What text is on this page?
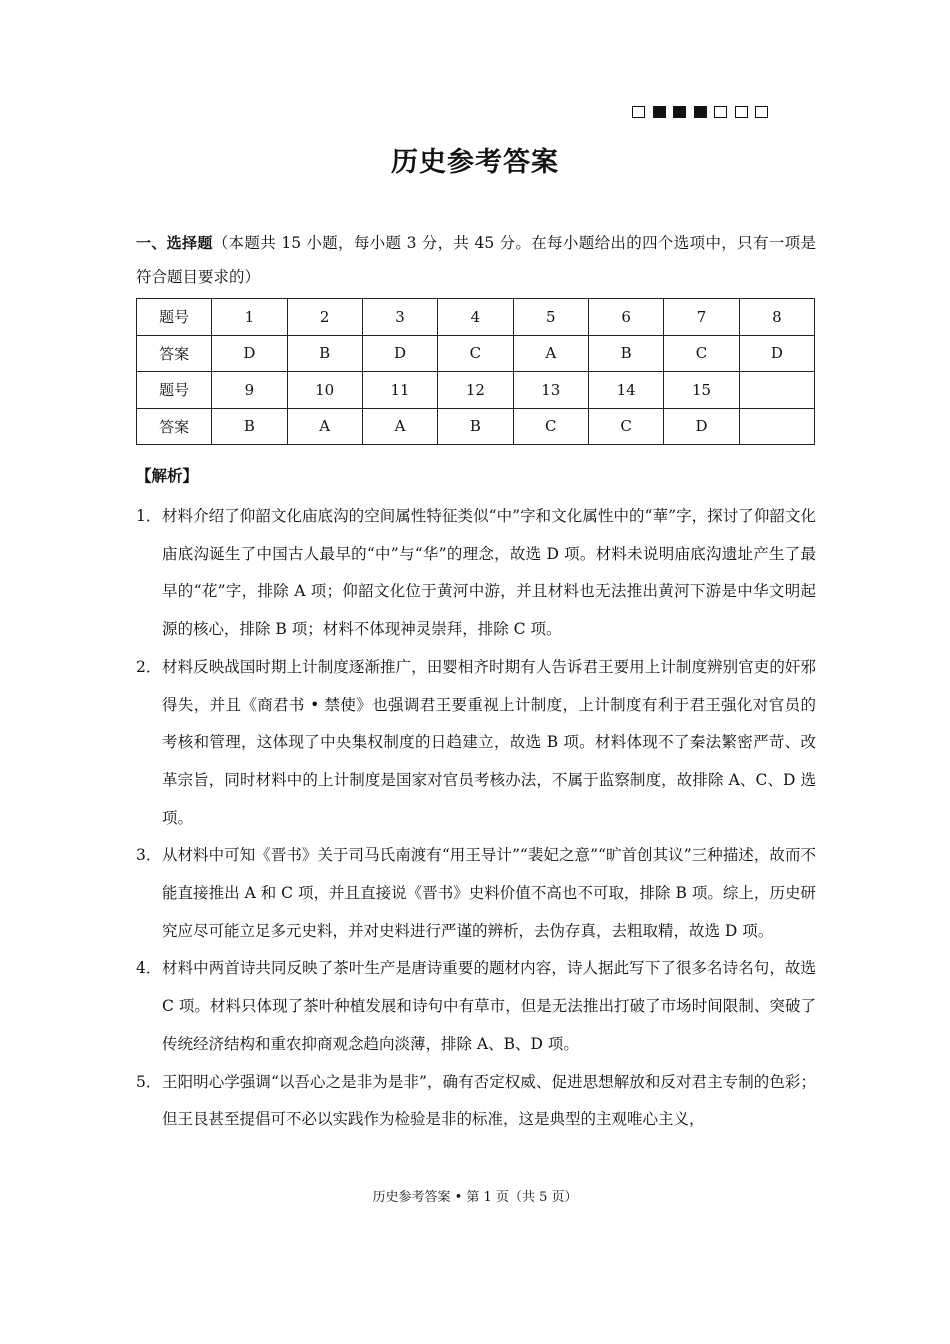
历史参考答案
一、选择题（本题共 15 小题，每小题 3 分，共 45 分。在每小题给出的四个选项中，只有一项是符合题目要求的）
题号	1	2	3	4	5	6	7	8
答案	D	B	D	C	A	B	C	D
题号	9	10	11	12	13	14	15	
答案	B	A	A	B	C	C	D	
【解析】
1． 材料介绍了仰韶文化庙底沟的空间属性特征类似“中”字和文化属性中的“華”字，探讨了仰韶文化庙底沟诞生了中国古人最早的“中”与“华”的理念，故选 D 项。材料未说明庙底沟遗址产生了最早的“花”字，排除 A 项；仰韶文化位于黄河中游，并且材料也无法推出黄河下游是中华文明起源的核心，排除 B 项；材料不体现神灵崇拜，排除 C 项。
2． 材料反映战国时期上计制度逐渐推广，田婴相齐时期有人告诉君王要用上计制度辨别官吏的奸邪得失，并且《商君书 • 禁使》也强调君王要重视上计制度，上计制度有利于君王强化对官员的考核和管理，这体现了中央集权制度的日趋建立，故选 B 项。材料体现不了秦法繁密严苛、改革宗旨，同时材料中的上计制度是国家对官员考核办法，不属于监察制度，故排除 A、C、D 选项。
3． 从材料中可知《晋书》关于司马氏南渡有“用王导计”“裴妃之意”“旷首创其议”三种描述，故而不能直接推出 A 和 C 项，并且直接说《晋书》史料价值不高也不可取，排除 B 项。综上，历史研究应尽可能立足多元史料，并对史料进行严谨的辨析，去伪存真，去粗取精，故选 D 项。
4． 材料中两首诗共同反映了茶叶生产是唐诗重要的题材内容，诗人据此写下了很多名诗名句，故选 C 项。材料只体现了茶叶种植发展和诗句中有草市，但是无法推出打破了市场时间限制、突破了传统经济结构和重农抑商观念趋向淡薄，排除 A、B、D 项。
5． 王阳明心学强调“以吾心之是非为是非”，确有否定权威、促进思想解放和反对君主专制的色彩；但王艮甚至提倡可不必以实践作为检验是非的标准，这是典型的主观唯心主义，
历史参考答案 • 第 1 页（共 5 页）
